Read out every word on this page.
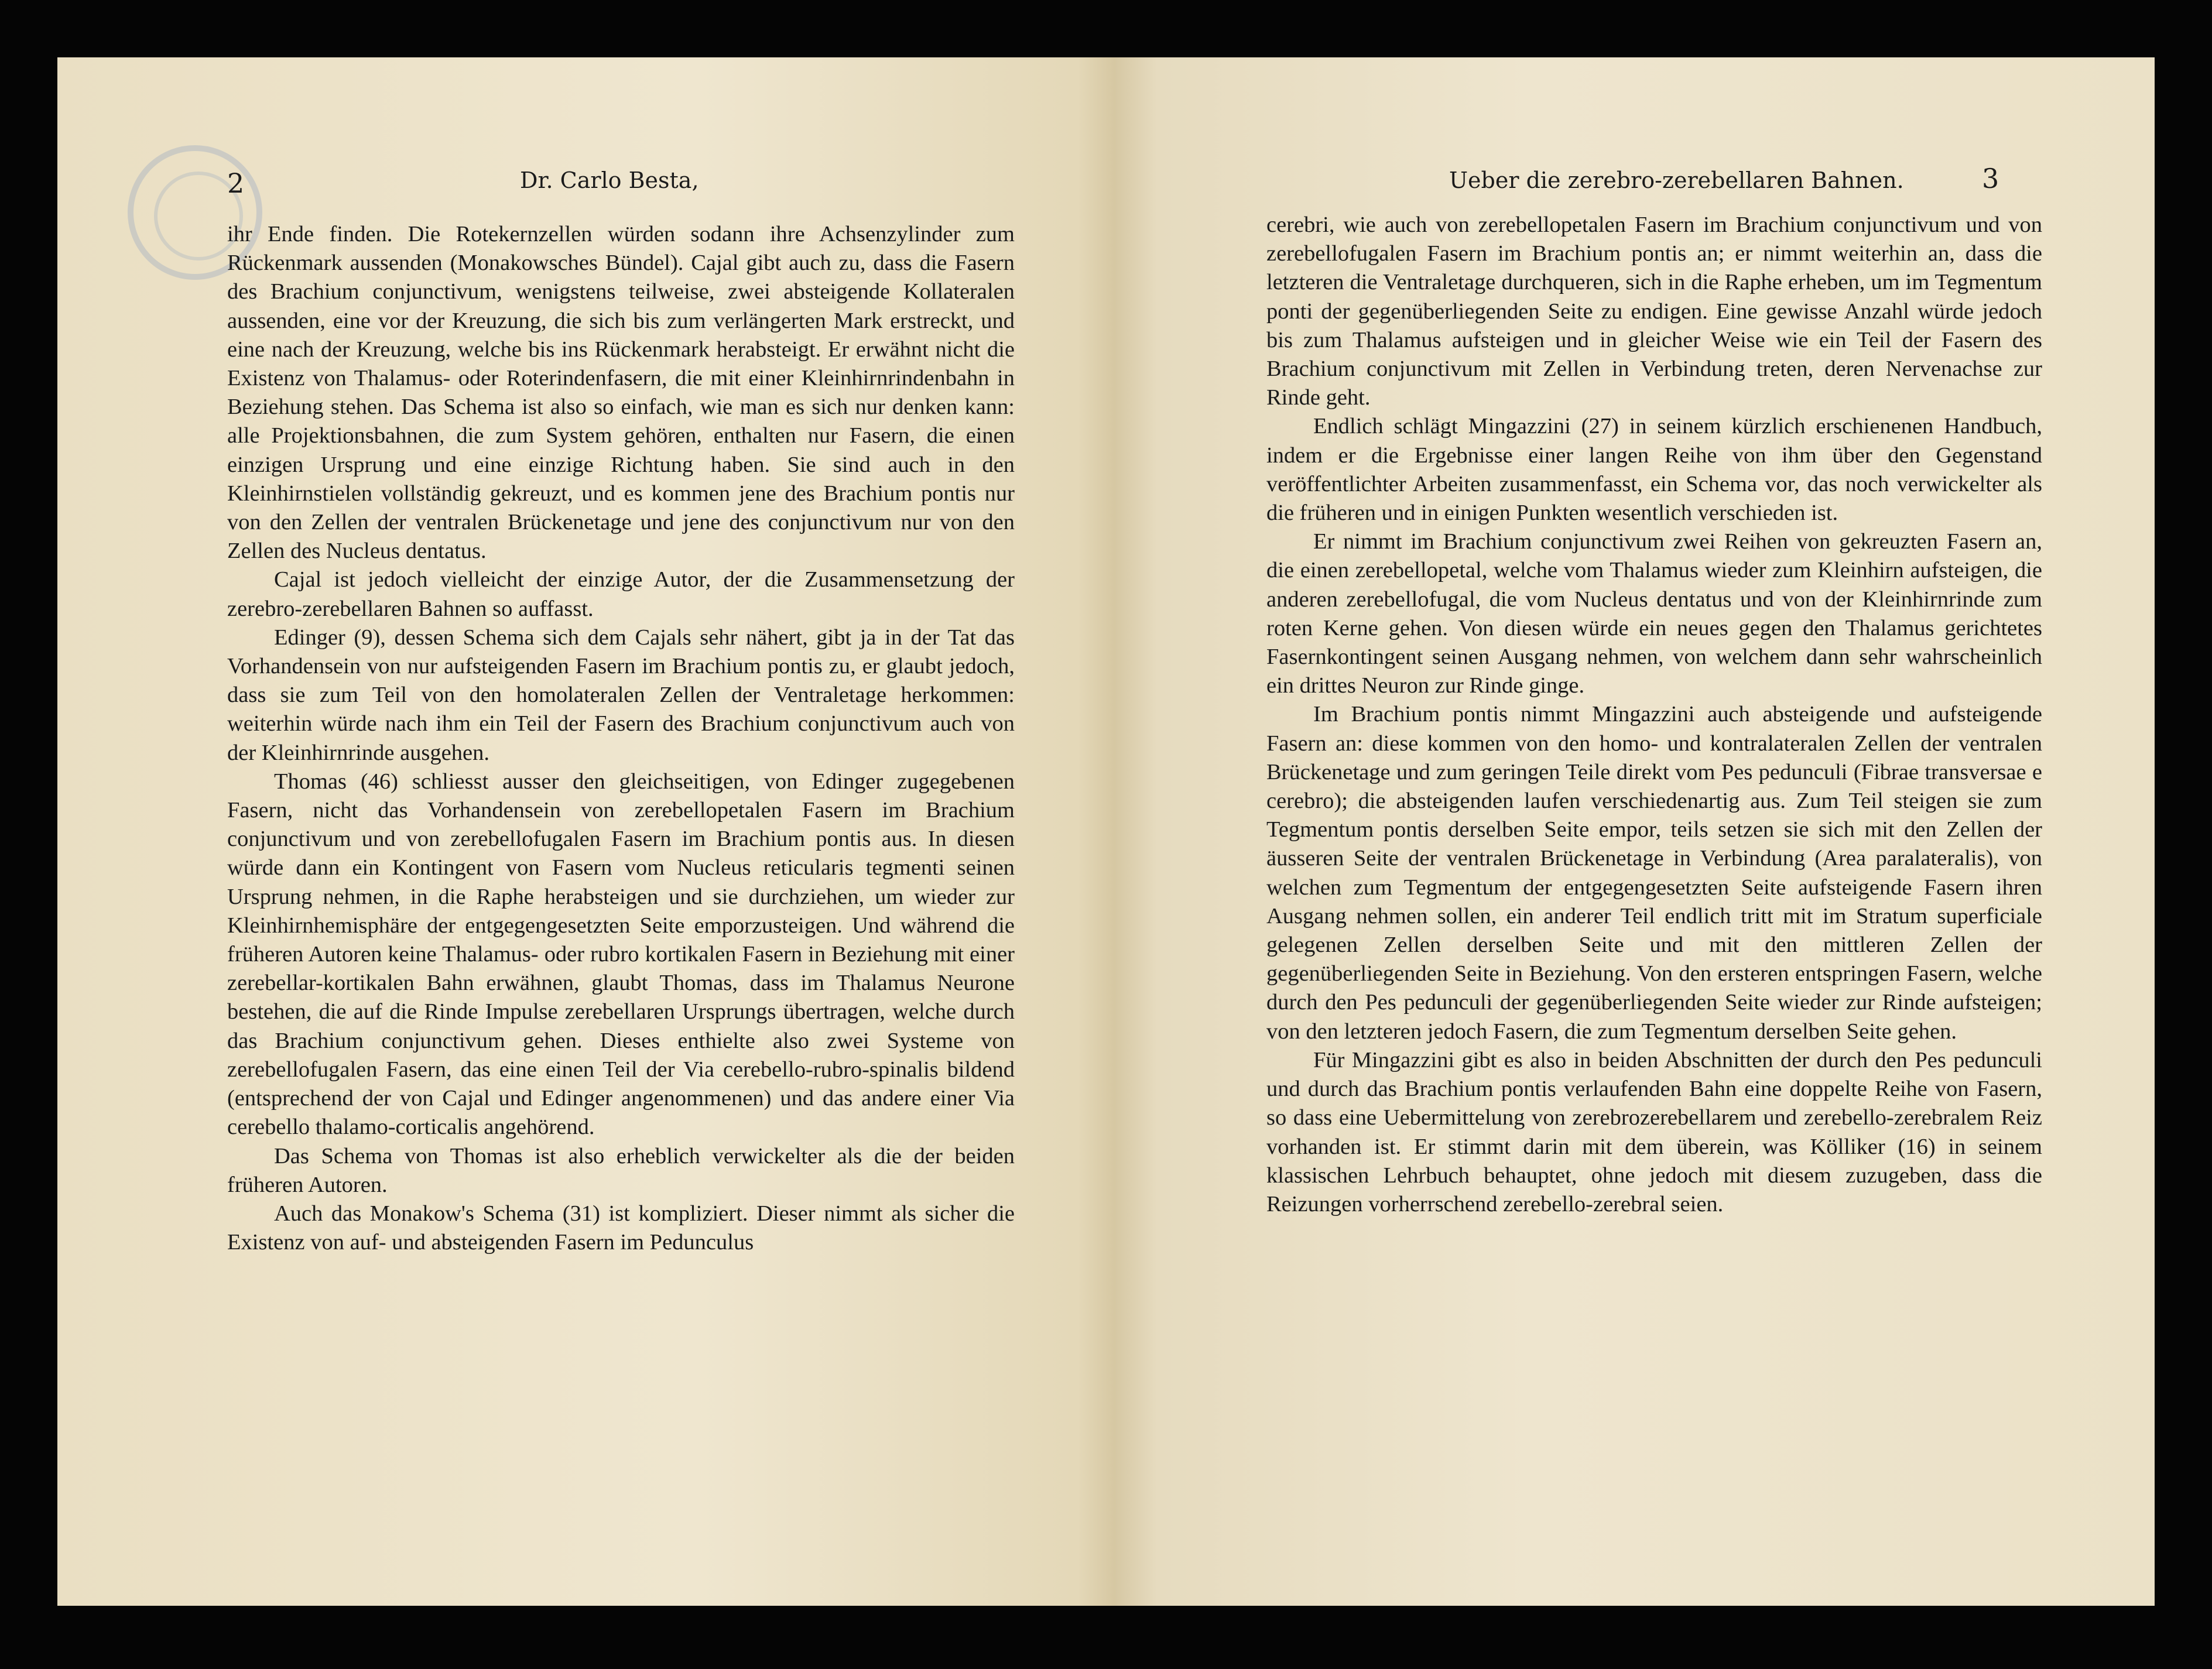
2	Dr. Carlo Besta,

ihr Ende finden. Die Rotekernzellen würden sodann ihre Achsenzylinder zum Rückenmark aussenden (Monakowsches Bündel). Cajal gibt auch zu, dass die Fasern des Brachium conjunctivum, wenigstens teilweise, zwei absteigende Kollateralen aussenden, eine vor der Kreuzung, die sich bis zum verlängerten Mark erstreckt, und eine nach der Kreuzung, welche bis ins Rückenmark herabsteigt. Er erwähnt nicht die Existenz von Thalamus- oder Roterindenfasern, die mit einer Kleinhirnrindenbahn in Beziehung stehen. Das Schema ist also so einfach, wie man es sich nur denken kann: alle Projektionsbahnen, die zum System gehören, enthalten nur Fasern, die einen einzigen Ursprung und eine einzige Richtung haben. Sie sind auch in den Kleinhirnstielen vollständig gekreuzt, und es kommen jene des Brachium pontis nur von den Zellen der ventralen Brückenetage und jene des conjunctivum nur von den Zellen des Nucleus dentatus.

Cajal ist jedoch vielleicht der einzige Autor, der die Zusammensetzung der zerebro-zerebellaren Bahnen so auffasst.

Edinger (9), dessen Schema sich dem Cajals sehr nähert, gibt ja in der Tat das Vorhandensein von nur aufsteigenden Fasern im Brachium pontis zu, er glaubt jedoch, dass sie zum Teil von den homolateralen Zellen der Ventraletage herkommen: weiterhin würde nach ihm ein Teil der Fasern des Brachium conjunctivum auch von der Kleinhirnrinde ausgehen.

Thomas (46) schliesst ausser den gleichseitigen, von Edinger zugegebenen Fasern, nicht das Vorhandensein von zerebellopetalen Fasern im Brachium conjunctivum und von zerebellofugalen Fasern im Brachium pontis aus. In diesen würde dann ein Kontingent von Fasern vom Nucleus reticularis tegmenti seinen Ursprung nehmen, in die Raphe herabsteigen und sie durchziehen, um wieder zur Kleinhirnhemisphäre der entgegengesetzten Seite emporzusteigen. Und während die früheren Autoren keine Thalamus- oder rubro kortikalen Fasern in Beziehung mit einer zerebellar-kortikalen Bahn erwähnen, glaubt Thomas, dass im Thalamus Neurone bestehen, die auf die Rinde Impulse zerebellaren Ursprungs übertragen, welche durch das Brachium conjunctivum gehen. Dieses enthielte also zwei Systeme von zerebellofugalen Fasern, das eine einen Teil der Via cerebello-rubro-spinalis bildend (entsprechend der von Cajal und Edinger angenommenen) und das andere einer Via cerebello thalamo-corticalis angehörend.

Das Schema von Thomas ist also erheblich verwickelter als die der beiden früheren Autoren.

Auch das Monakow's Schema (31) ist kompliziert. Dieser nimmt als sicher die Existenz von auf- und absteigenden Fasern im Pedunculus

Ueber die zerebro-zerebellaren Bahnen.	3

cerebri, wie auch von zerebellopetalen Fasern im Brachium conjunctivum und von zerebellofugalen Fasern im Brachium pontis an; er nimmt weiterhin an, dass die letzteren die Ventraletage durchqueren, sich in die Raphe erheben, um im Tegmentum ponti der gegenüberliegenden Seite zu endigen. Eine gewisse Anzahl würde jedoch bis zum Thalamus aufsteigen und in gleicher Weise wie ein Teil der Fasern des Brachium conjunctivum mit Zellen in Verbindung treten, deren Nervenachse zur Rinde geht.

Endlich schlägt Mingazzini (27) in seinem kürzlich erschienenen Handbuch, indem er die Ergebnisse einer langen Reihe von ihm über den Gegenstand veröffentlichter Arbeiten zusammenfasst, ein Schema vor, das noch verwickelter als die früheren und in einigen Punkten wesentlich verschieden ist.

Er nimmt im Brachium conjunctivum zwei Reihen von gekreuzten Fasern an, die einen zerebellopetal, welche vom Thalamus wieder zum Kleinhirn aufsteigen, die anderen zerebellofugal, die vom Nucleus dentatus und von der Kleinhirnrinde zum roten Kerne gehen. Von diesen würde ein neues gegen den Thalamus gerichtetes Fasernkontingent seinen Ausgang nehmen, von welchem dann sehr wahrscheinlich ein drittes Neuron zur Rinde ginge.

Im Brachium pontis nimmt Mingazzini auch absteigende und aufsteigende Fasern an: diese kommen von den homo- und kontralateralen Zellen der ventralen Brückenetage und zum geringen Teile direkt vom Pes pedunculi (Fibrae transversae e cerebro); die absteigenden laufen verschiedenartig aus. Zum Teil steigen sie zum Tegmentum pontis derselben Seite empor, teils setzen sie sich mit den Zellen der äusseren Seite der ventralen Brückenetage in Verbindung (Area paralateralis), von welchen zum Tegmentum der entgegengesetzten Seite aufsteigende Fasern ihren Ausgang nehmen sollen, ein anderer Teil endlich tritt mit im Stratum superficiale gelegenen Zellen derselben Seite und mit den mittleren Zellen der gegenüberliegenden Seite in Beziehung. Von den ersteren entspringen Fasern, welche durch den Pes pedunculi der gegenüberliegenden Seite wieder zur Rinde aufsteigen; von den letzteren jedoch Fasern, die zum Tegmentum derselben Seite gehen.

Für Mingazzini gibt es also in beiden Abschnitten der durch den Pes pedunculi und durch das Brachium pontis verlaufenden Bahn eine doppelte Reihe von Fasern, so dass eine Uebermittelung von zerebrozerebellarem und zerebello-zerebralem Reiz vorhanden ist. Er stimmt darin mit dem überein, was Kölliker (16) in seinem klassischen Lehrbuch behauptet, ohne jedoch mit diesem zuzugeben, dass die Reizungen vorherrschend zerebello-zerebral seien.
